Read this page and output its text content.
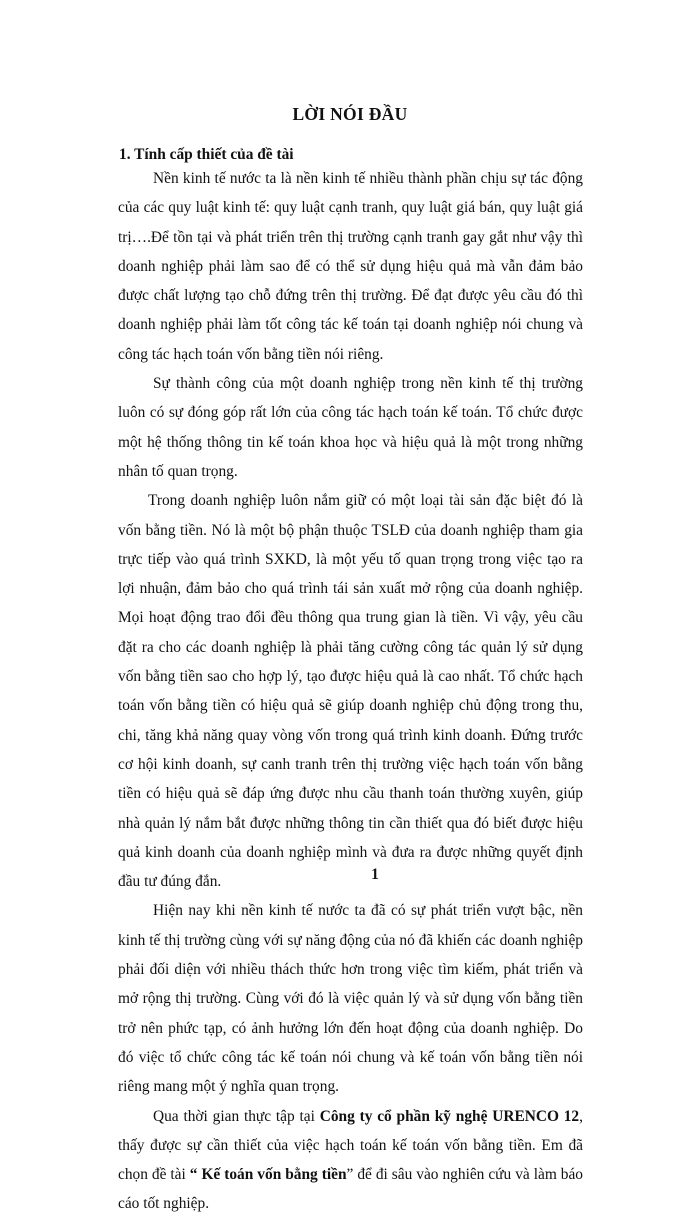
LỜI NÓI ĐẦU
1. Tính cấp thiết của đề tài

Nền kinh tế nước ta là nền kinh tế nhiều thành phần chịu sự tác động của các quy luật kinh tế: quy luật cạnh tranh, quy luật giá bán, quy luật giá trị….Để tồn tại và phát triển trên thị trường cạnh tranh gay gắt như vậy thì doanh nghiệp phải làm sao để có thể sử dụng hiệu quả mà vẫn đảm bảo được chất lượng tạo chỗ đứng trên thị trường. Để đạt được yêu cầu đó thì doanh nghiệp phải làm tốt công tác kế toán tại doanh nghiệp nói chung và công tác hạch toán vốn bằng tiền nói riêng.

Sự thành công của một doanh nghiệp trong nền kinh tế thị trường luôn có sự đóng góp rất lớn của công tác hạch toán kế toán. Tổ chức được một hệ thống thông tin kế toán khoa học và hiệu quả là một trong những nhân tố quan trọng.

Trong doanh nghiệp luôn nắm giữ có một loại tài sản đặc biệt đó là vốn bằng tiền. Nó là một bộ phận thuộc TSLĐ của doanh nghiệp tham gia trực tiếp vào quá trình SXKD, là một yếu tố quan trọng trong việc tạo ra lợi nhuận, đảm bảo cho quá trình tái sản xuất mở rộng của doanh nghiệp. Mọi hoạt động trao đổi đều thông qua trung gian là tiền. Vì vậy, yêu cầu đặt ra cho các doanh nghiệp là phải tăng cường công tác quản lý sử dụng vốn bằng tiền sao cho hợp lý, tạo được hiệu quả là cao nhất. Tổ chức hạch toán vốn bằng tiền có hiệu quả sẽ giúp doanh nghiệp chủ động trong thu, chi, tăng khả năng quay vòng vốn trong quá trình kinh doanh. Đứng trước cơ hội kinh doanh, sự canh tranh trên thị trường việc hạch toán vốn bằng tiền có hiệu quả sẽ đáp ứng được nhu cầu thanh toán thường xuyên, giúp nhà quản lý nắm bắt được những thông tin cần thiết qua đó biết được hiệu quả kinh doanh của doanh nghiệp mình và đưa ra được những quyết định đầu tư đúng đắn.

Hiện nay khi nền kinh tế nước ta đã có sự phát triển vượt bậc, nền kinh tế thị trường cùng với sự năng động của nó đã khiến các doanh nghiệp phải đối diện với nhiều thách thức hơn trong việc tìm kiếm, phát triển và mở rộng thị trường. Cùng với đó là việc quản lý và sử dụng vốn bằng tiền trở nên phức tạp, có ảnh hưởng lớn đến hoạt động của doanh nghiệp. Do đó việc tổ chức công tác kế toán nói chung và kế toán vốn bằng tiền nói riêng mang một ý nghĩa quan trọng.

Qua thời gian thực tập tại Công ty cổ phần kỹ nghệ URENCO 12, thấy được sự cần thiết của việc hạch toán kế toán vốn bằng tiền. Em đã chọn đề tài “ Kế toán vốn bằng tiền” để đi sâu vào nghiên cứu và làm báo cáo tốt nghiệp.

1
